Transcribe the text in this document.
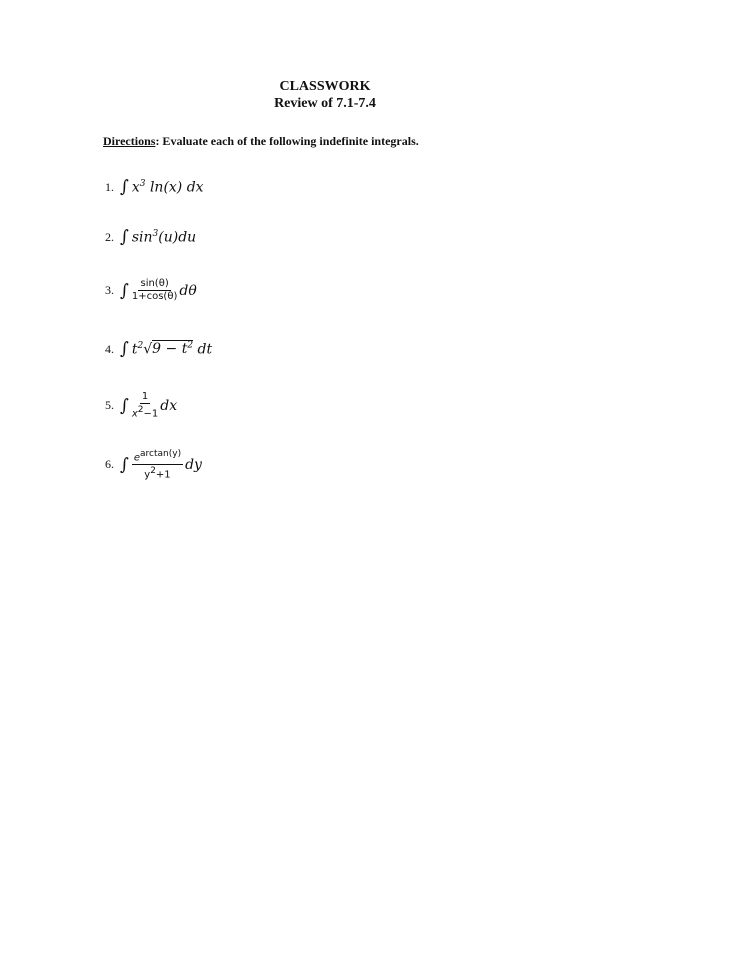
CLASSWORK
Review of 7.1-7.4
Directions: Evaluate each of the following indefinite integrals.
1. ∫ $x^3$ ln(x) dx
2. ∫ $\sin^3(u)du$
3. ∫ $\frac{\sin(\theta)}{1+\cos(\theta)}$ dθ
4. ∫ $t^2√9 - t^2$ dt
5. ∫ $\frac{1}{x^2-1}$ dx
6. ∫ $\frac{e^{arctan(y)}}{y^2+1}$ dy
